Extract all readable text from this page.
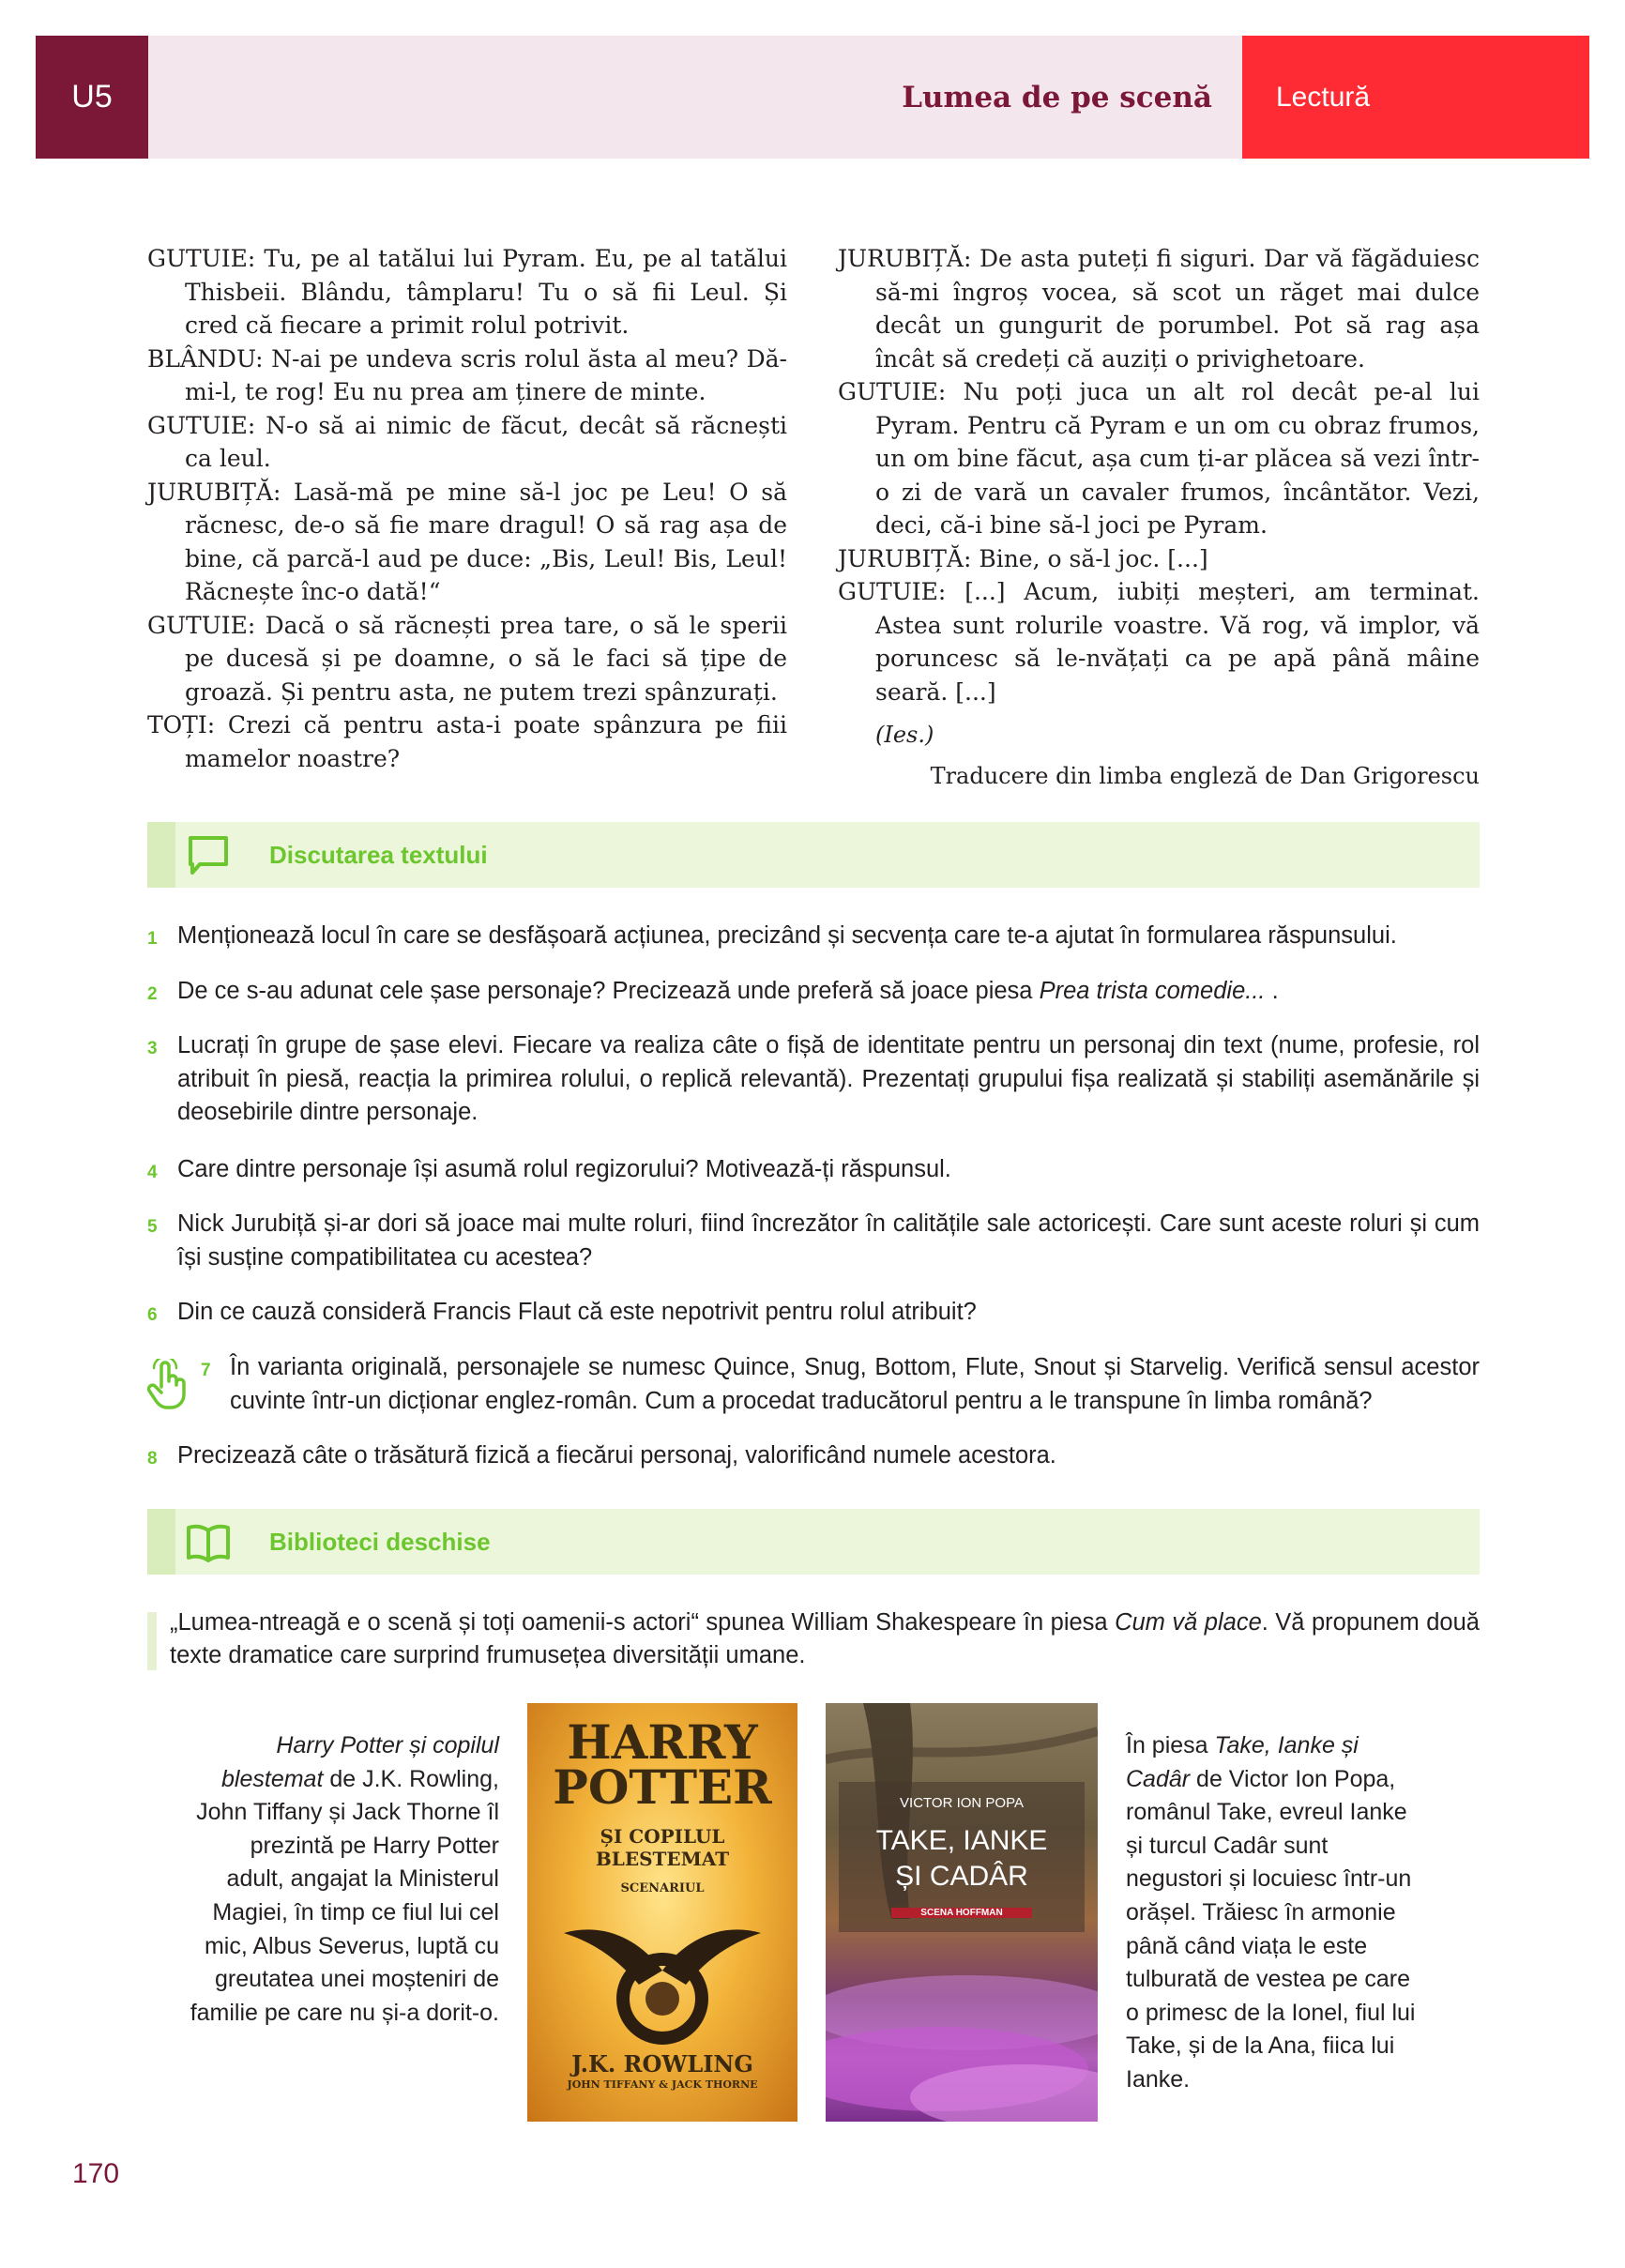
U5	Lumea de pe scenă	Lectură

GUTUIE: Tu, pe al tatălui lui Pyram. Eu, pe al tatălui Thisbeii. Blându, tâmplaru! Tu o să fii Leul. Și cred că fiecare a primit rolul potrivit.

BLÂNDU: N-ai pe undeva scris rolul ăsta al meu? Dă-mi-l, te rog! Eu nu prea am ținere de minte.

GUTUIE: N-o să ai nimic de făcut, decât să răcnești ca leul.

JURUBIȚĂ: Lasă-mă pe mine să-l joc pe Leu! O să răcnesc, de-o să fie mare dragul! O să rag așa de bine, că parcă-l aud pe duce: „Bis, Leul! Bis, Leul! Răcnește înc-o dată!“

GUTUIE: Dacă o să răcnești prea tare, o să le sperii pe ducesă și pe doamne, o să le faci să țipe de groază. Și pentru asta, ne putem trezi spânzurați.

TOȚI: Crezi că pentru asta-i poate spânzura pe fiii mamelor noastre?

JURUBIȚĂ: De asta puteți fi siguri. Dar vă făgăduiesc să-mi îngroș vocea, să scot un răget mai dulce decât un gungurit de porumbel. Pot să rag așa încât să credeți că auziți o privighetoare.

GUTUIE: Nu poți juca un alt rol decât pe-al lui Pyram. Pentru că Pyram e un om cu obraz frumos, un om bine făcut, așa cum ți-ar plăcea să vezi într-o zi de vară un cavaler frumos, încântător. Vezi, deci, că-i bine să-l joci pe Pyram.

JURUBIȚĂ: Bine, o să-l joc. [...]

GUTUIE: [...] Acum, iubiți meșteri, am terminat. Astea sunt rolurile voastre. Vă rog, vă implor, vă poruncesc să le-nvățați ca pe apă până mâine seară. [...]

(Ies.)

Traducere din limba engleză de Dan Grigorescu

Discutarea textului
1 Menționează locul în care se desfășoară acțiunea, precizând și secvența care te-a ajutat în formularea răspunsului.
2 De ce s-au adunat cele șase personaje? Precizează unde preferă să joace piesa Prea trista comedie... .
3 Lucrați în grupe de șase elevi. Fiecare va realiza câte o fișă de identitate pentru un personaj din text (nume, profesie, rol atribuit în piesă, reacția la primirea rolului, o replică relevantă). Prezentați grupului fișa realizată și stabiliți asemănările și deosebirile dintre personaje.
4 Care dintre personaje își asumă rolul regizorului? Motivează-ți răspunsul.
5 Nick Jurubiță și-ar dori să joace mai multe roluri, fiind încrezător în calitățile sale actoricești. Care sunt aceste roluri și cum își susține compatibilitatea cu acestea?
6 Din ce cauză consideră Francis Flaut că este nepotrivit pentru rolul atribuit?
7 În varianta originală, personajele se numesc Quince, Snug, Bottom, Flute, Snout și Starvelig. Verifică sensul acestor cuvinte într-un dicționar englez-român. Cum a procedat traducătorul pentru a le transpune în limba română?
8 Precizează câte o trăsătură fizică a fiecărui personaj, valorificând numele acestora.
Biblioteci deschise
„Lumea-ntreagă e o scenă și toți oamenii-s actori“ spunea William Shakespeare în piesa Cum vă place. Vă propunem două texte dramatice care surprind frumusețea diversității umane.
Harry Potter și copilul blestemat de J.K. Rowling, John Tiffany și Jack Thorne îl prezintă pe Harry Potter adult, angajat la Ministerul Magiei, în timp ce fiul lui cel mic, Albus Severus, luptă cu greutatea unei moșteniri de familie pe care nu și-a dorit-o.
HARRY POTTER
ȘI COPILUL BLESTEMAT
SCENARIUL
J.K. ROWLING
JOHN TIFFANY & JACK THORNE
VICTOR ION POPA
TAKE, IANKE ȘI CADÂR
SCENA HOFFMAN
În piesa Take, Ianke și Cadâr de Victor Ion Popa, românul Take, evreul Ianke și turcul Cadâr sunt negustori și locuiesc într-un orășel. Trăiesc în armonie până când viața le este tulburată de vestea pe care o primesc de la Ionel, fiul lui Take, și de la Ana, fiica lui Ianke.
170
